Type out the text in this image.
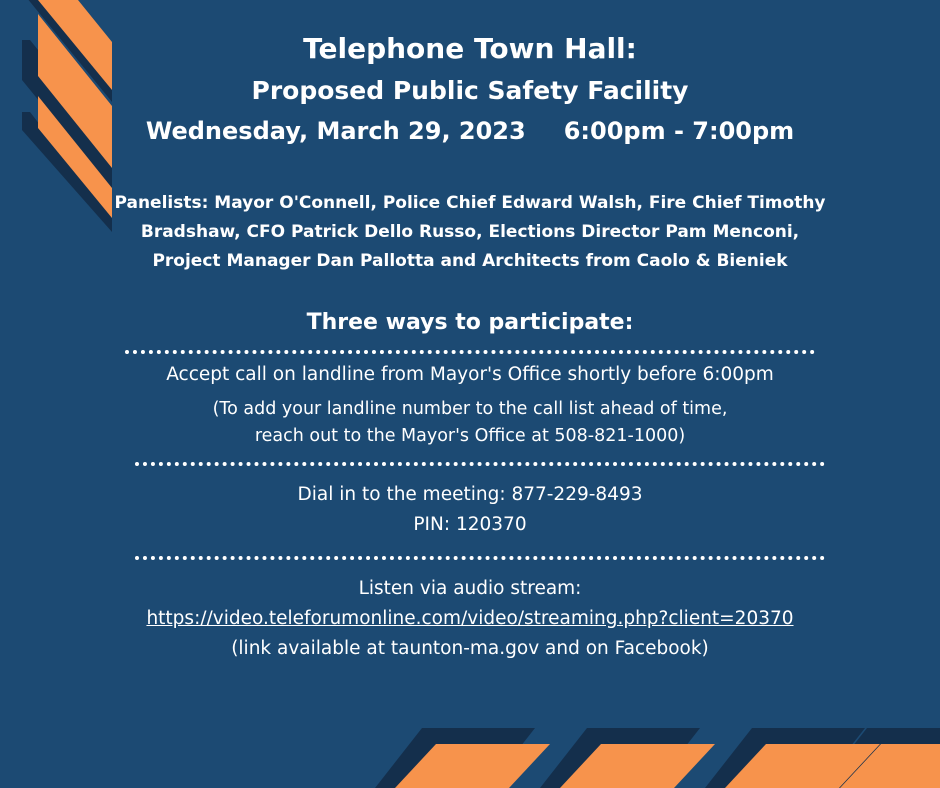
Telephone Town Hall:
Proposed Public Safety Facility
Wednesday, March 29, 2023 6:00pm - 7:00pm
Panelists: Mayor O'Connell, Police Chief Edward Walsh, Fire Chief Timothy
Bradshaw, CFO Patrick Dello Russo, Elections Director Pam Menconi,
Project Manager Dan Pallotta and Architects from Caolo & Bieniek
Three ways to participate:
Accept call on landline from Mayor's Office shortly before 6:00pm
(To add your landline number to the call list ahead of time,
reach out to the Mayor's Office at 508-821-1000)
Dial in to the meeting: 877-229-8493
PIN: 120370
Listen via audio stream:
https://video.teleforumonline.com/video/streaming.php?client=20370
(link available at taunton-ma.gov and on Facebook)
